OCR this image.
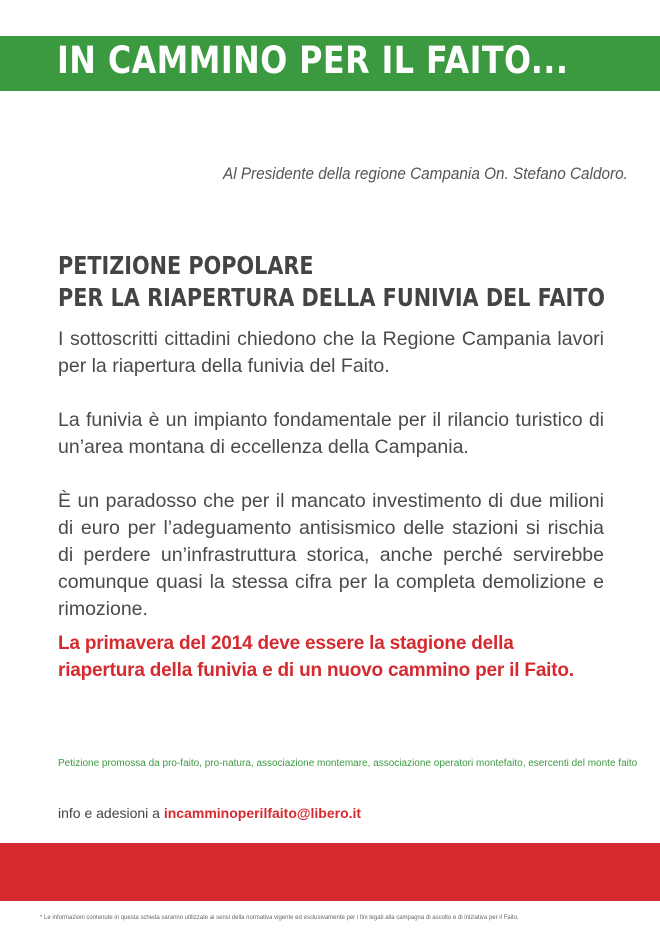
IN CAMMINO PER IL FAITO...
Al Presidente della regione Campania On. Stefano Caldoro.
PETIZIONE POPOLARE
PER LA RIAPERTURA DELLA FUNIVIA DEL FAITO

I sottoscritti cittadini chiedono che la Regione Campania lavori per la riapertura della funivia del Faito.

La funivia è un impianto fondamentale per il rilancio turistico di un’area montana di eccellenza della Campania.

È un paradosso che per il mancato investimento di due milioni di euro per l’adeguamento antisismico delle stazioni si rischia di perdere un’infrastruttura storica, anche perché servirebbe comunque quasi la stessa cifra per la completa demolizione e rimozione.

La primavera del 2014 deve essere la stagione della riapertura della funivia e di un nuovo cammino per il Faito.
Petizione promossa da pro-faito, pro-natura, associazione montemare, associazione operatori montefaito, esercenti del monte faito
info e adesioni a incamminoperilfaito@libero.it
* Le informazioni contenute in questa scheda saranno utilizzate ai sensi della normativa vigente ed esclusivamente per i fini legati alla campagna di ascolto e di iniziativa per il Faito.
